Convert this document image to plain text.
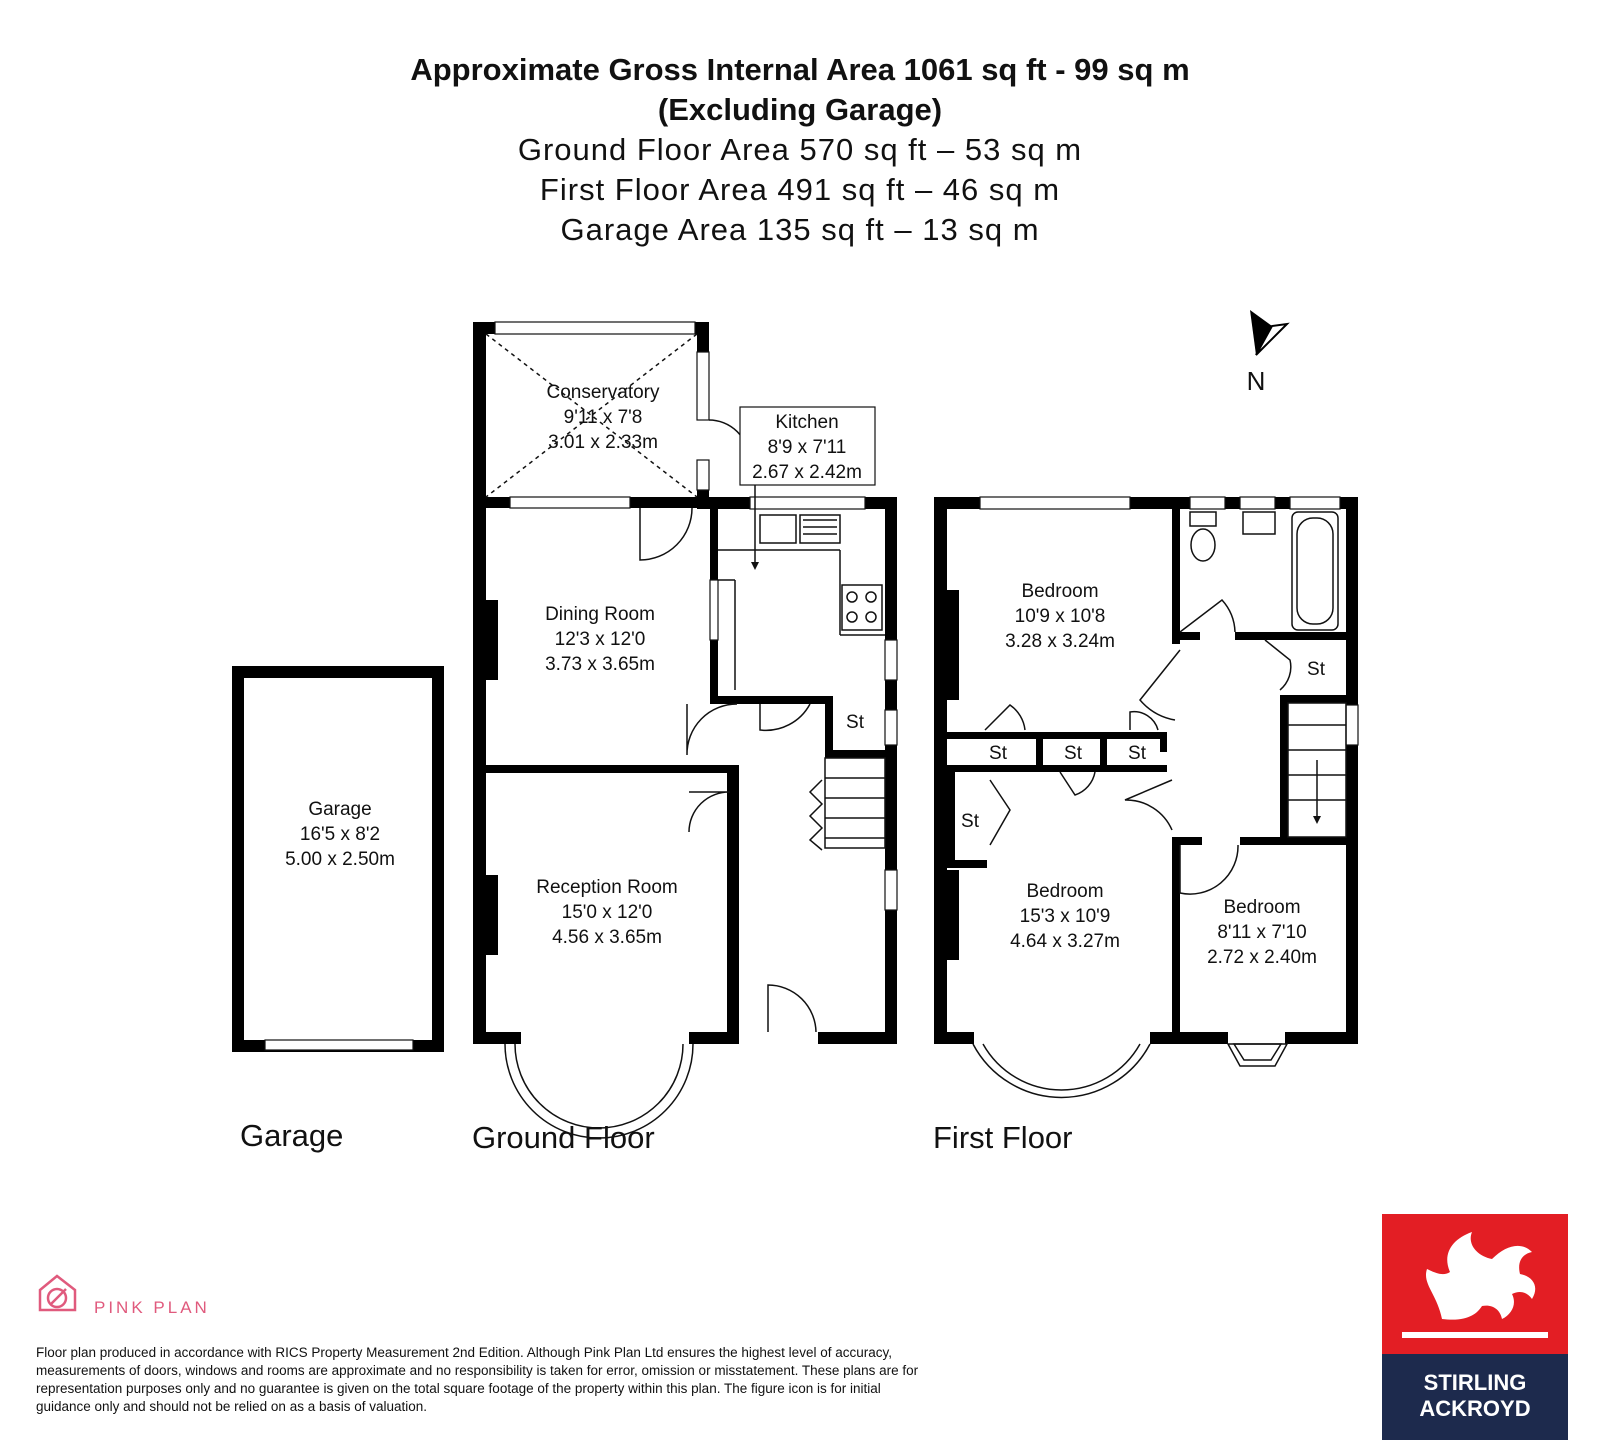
Approximate Gross Internal Area 1061 sq ft - 99 sq m
(Excluding Garage)
Ground Floor Area 570 sq ft – 53 sq m
First Floor Area 491 sq ft – 46 sq m
Garage Area 135 sq ft – 13 sq m
N
Garage
16'5 x 8'2
5.00 x 2.50m
Conservatory
9'11 x 7'8
3.01 x 2.33m
Kitchen
8'9 x 7'11
2.67 x 2.42m
Dining Room
12'3 x 12'0
3.73 x 3.65m
Reception Room
15'0 x 12'0
4.56 x 3.65m
St
Bedroom
10'9 x 10'8
3.28 x 3.24m
Bedroom
15'3 x 10'9
4.64 x 3.27m
Bedroom
8'11 x 7'10
2.72 x 2.40m
St
St	St St
St
Garage	Ground Floor	First Floor
PINK PLAN
Floor plan produced in accordance with RICS Property Measurement 2nd Edition. Although Pink Plan Ltd ensures the highest level of accuracy, measurements of doors, windows and rooms are approximate and no responsibility is taken for error, omission or misstatement. These plans are for representation purposes only and no guarantee is given on the total square footage of the property within this plan. The figure icon is for initial guidance only and should not be relied on as a basis of valuation.
STIRLING
ACKROYD
